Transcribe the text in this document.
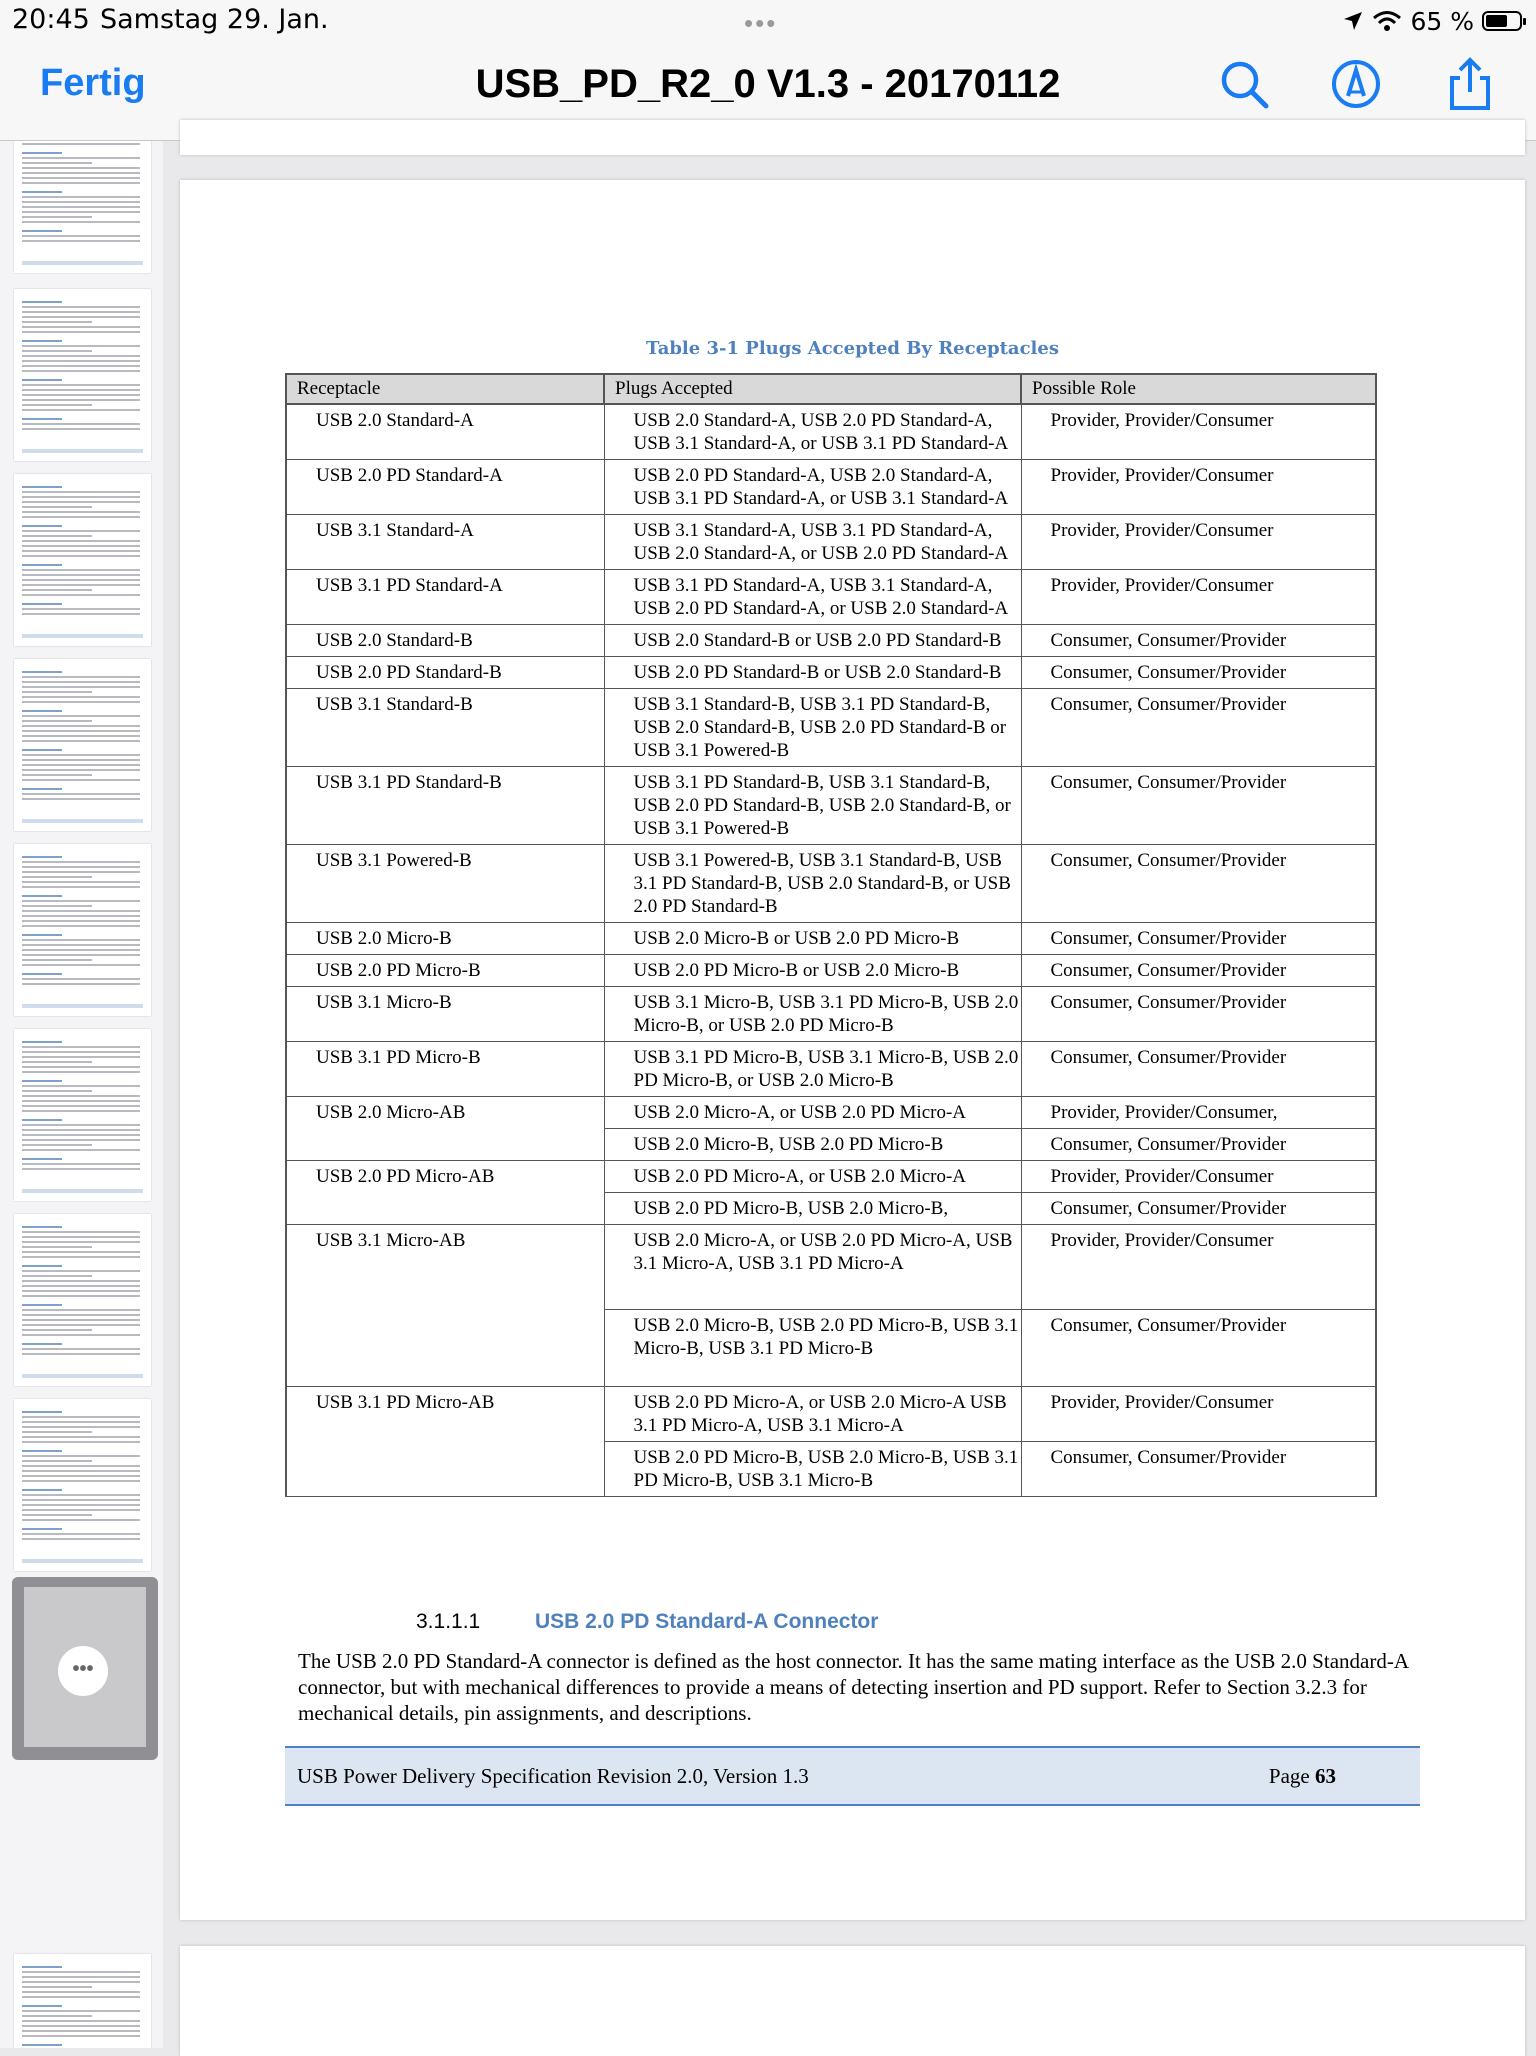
20:45 Samstag 29. Jan.	•••	65 %
Fertig	USB_PD_R2_0 V1.3 - 20170112
•••
Table 3-1 Plugs Accepted By Receptacles
Receptacle	Plugs Accepted	Possible Role
USB 2.0 Standard-A	USB 2.0 Standard-A, USB 2.0 PD Standard-A, USB 3.1 Standard-A, or USB 3.1 PD Standard-A	Provider, Provider/Consumer
USB 2.0 PD Standard-A	USB 2.0 PD Standard-A, USB 2.0 Standard-A, USB 3.1 PD Standard-A, or USB 3.1 Standard-A	Provider, Provider/Consumer
USB 3.1 Standard-A	USB 3.1 Standard-A, USB 3.1 PD Standard-A, USB 2.0 Standard-A, or USB 2.0 PD Standard-A	Provider, Provider/Consumer
USB 3.1 PD Standard-A	USB 3.1 PD Standard-A, USB 3.1 Standard-A, USB 2.0 PD Standard-A, or USB 2.0 Standard-A	Provider, Provider/Consumer
USB 2.0 Standard-B	USB 2.0 Standard-B or USB 2.0 PD Standard-B	Consumer, Consumer/Provider
USB 2.0 PD Standard-B	USB 2.0 PD Standard-B or USB 2.0 Standard-B	Consumer, Consumer/Provider
USB 3.1 Standard-B	USB 3.1 Standard-B, USB 3.1 PD Standard-B, USB 2.0 Standard-B, USB 2.0 PD Standard-B or USB 3.1 Powered-B	Consumer, Consumer/Provider
USB 3.1 PD Standard-B	USB 3.1 PD Standard-B, USB 3.1 Standard-B, USB 2.0 PD Standard-B, USB 2.0 Standard-B, or USB 3.1 Powered-B	Consumer, Consumer/Provider
USB 3.1 Powered-B	USB 3.1 Powered-B, USB 3.1 Standard-B, USB 3.1 PD Standard-B, USB 2.0 Standard-B, or USB 2.0 PD Standard-B	Consumer, Consumer/Provider
USB 2.0 Micro-B	USB 2.0 Micro-B or USB 2.0 PD Micro-B	Consumer, Consumer/Provider
USB 2.0 PD Micro-B	USB 2.0 PD Micro-B or USB 2.0 Micro-B	Consumer, Consumer/Provider
USB 3.1 Micro-B	USB 3.1 Micro-B, USB 3.1 PD Micro-B, USB 2.0 Micro-B, or USB 2.0 PD Micro-B	Consumer, Consumer/Provider
USB 3.1 PD Micro-B	USB 3.1 PD Micro-B, USB 3.1 Micro-B, USB 2.0 PD Micro-B, or USB 2.0 Micro-B	Consumer, Consumer/Provider
USB 2.0 Micro-AB	USB 2.0 Micro-A, or USB 2.0 PD Micro-A	Provider, Provider/Consumer,
	USB 2.0 Micro-B, USB 2.0 PD Micro-B	Consumer, Consumer/Provider
USB 2.0 PD Micro-AB	USB 2.0 PD Micro-A, or USB 2.0 Micro-A	Provider, Provider/Consumer
	USB 2.0 PD Micro-B, USB 2.0 Micro-B,	Consumer, Consumer/Provider
USB 3.1 Micro-AB	USB 2.0 Micro-A, or USB 2.0 PD Micro-A, USB 3.1 Micro-A, USB 3.1 PD Micro-A	Provider, Provider/Consumer
	USB 2.0 Micro-B, USB 2.0 PD Micro-B, USB 3.1 Micro-B, USB 3.1 PD Micro-B	Consumer, Consumer/Provider
USB 3.1 PD Micro-AB	USB 2.0 PD Micro-A, or USB 2.0 Micro-A USB 3.1 PD Micro-A, USB 3.1 Micro-A	Provider, Provider/Consumer
	USB 2.0 PD Micro-B, USB 2.0 Micro-B, USB 3.1 PD Micro-B, USB 3.1 Micro-B	Consumer, Consumer/Provider
3.1.1.1	USB 2.0 PD Standard-A Connector
The USB 2.0 PD Standard-A connector is defined as the host connector. It has the same mating interface as the USB 2.0 Standard-A connector, but with mechanical differences to provide a means of detecting insertion and PD support. Refer to Section 3.2.3 for mechanical details, pin assignments, and descriptions.
USB Power Delivery Specification Revision 2.0, Version 1.3	Page 63
